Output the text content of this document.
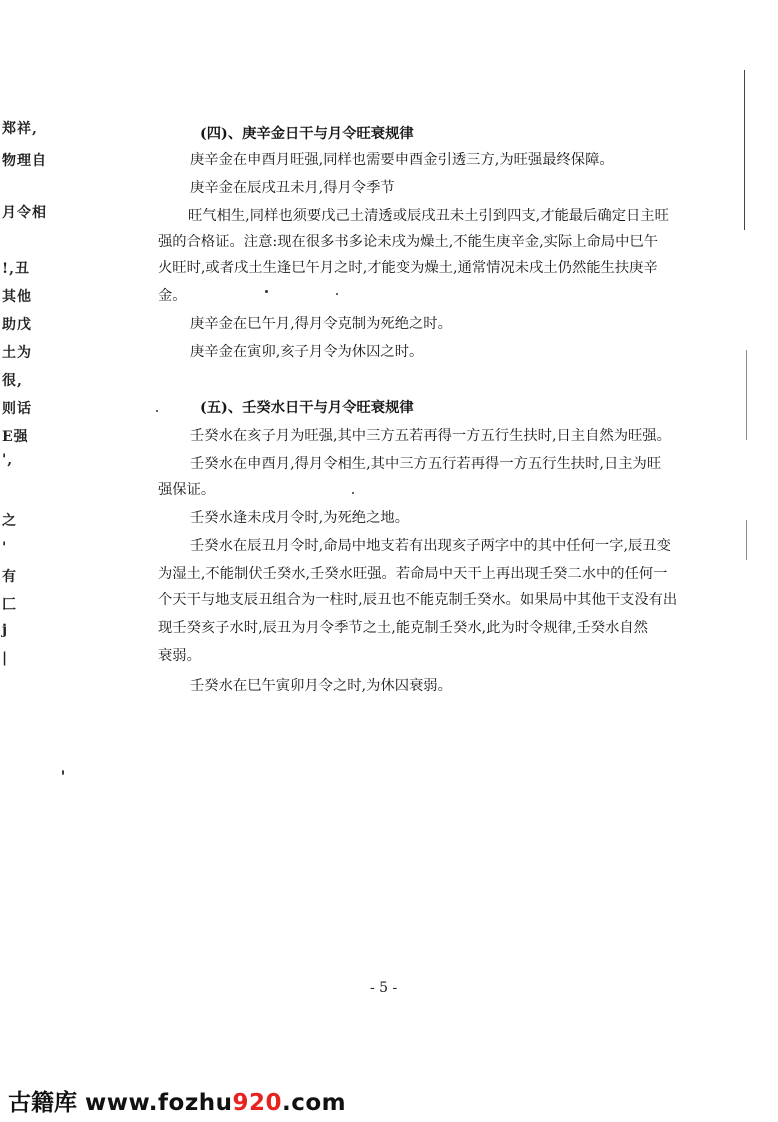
郑祥,
物理自
月令相
!,丑
其他
助戊
土为
很,
则话
E强
',
之
'
有
匚
j
|
(四)、庚辛金日干与月令旺衰规律
庚辛金在申酉月旺强,同样也需要申酉金引透三方,为旺强最终保障。
庚辛金在辰戌丑未月,得月令季节
旺气相生,同样也须要戊己土清透或辰戌丑未土引到四支,才能最后确定日主旺
强的合格证。注意:现在很多书多论未戌为燥土,不能生庚辛金,实际上命局中巳午
火旺时,或者戌土生逢巳午月之时,才能变为燥土,通常情况未戌土仍然能生扶庚辛
金。
庚辛金在巳午月,得月令克制为死绝之时。
庚辛金在寅卯,亥子月令为休囚之时。
(五)、壬癸水日干与月令旺衰规律
壬癸水在亥子月为旺强,其中三方五若再得一方五行生扶时,日主自然为旺强。
壬癸水在申酉月,得月令相生,其中三方五行若再得一方五行生扶时,日主为旺
强保证。
壬癸水逢未戌月令时,为死绝之地。
壬癸水在辰丑月令时,命局中地支若有出现亥子两字中的其中任何一字,辰丑变
为湿土,不能制伏壬癸水,壬癸水旺强。若命局中天干上再出现壬癸二水中的任何一
个天干与地支辰丑组合为一柱时,辰丑也不能克制壬癸水。如果局中其他干支没有出
现壬癸亥子水时,辰丑为月令季节之土,能克制壬癸水,此为时令规律,壬癸水自然
衰弱。
壬癸水在巳午寅卯月令之时,为休囚衰弱。
- 5 -
古籍库 www.fozhu920.com
